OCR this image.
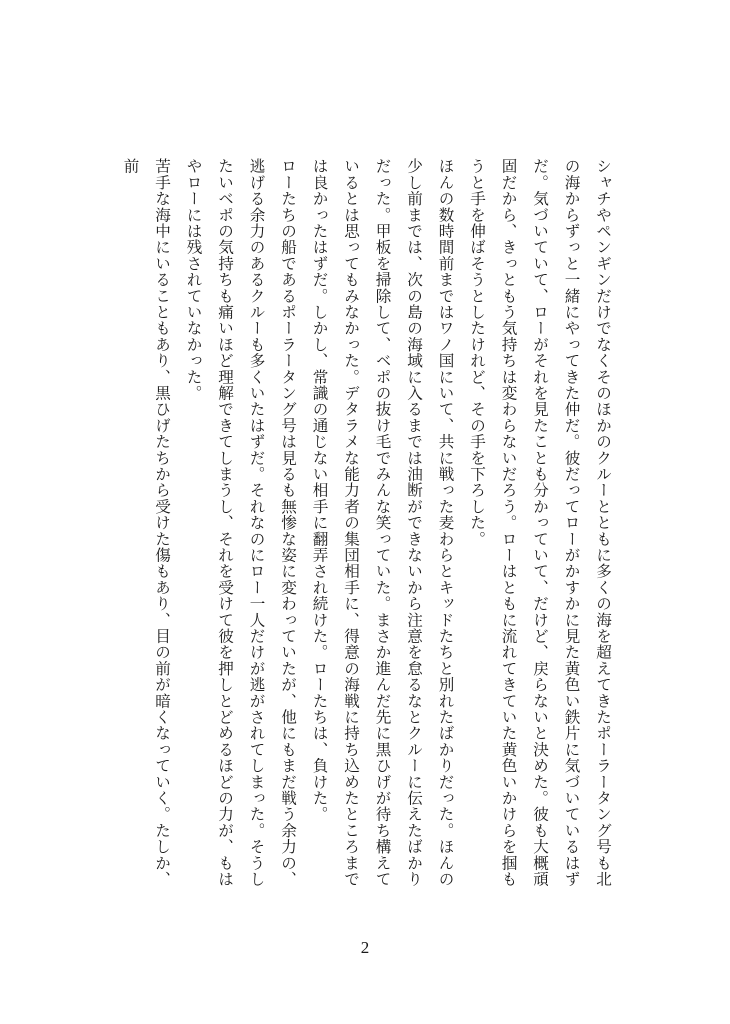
シャチやペンギンだけでなくそのほかのクルーとともに多くの海を超えてきたポーラータング号も北の海からずっと一緒にやってきた仲だ。彼だってローがかすかに見た黄色い鉄片に気づいているはずだ。気づいていて、ローがそれを見たことも分かっていて、だけど、戻らないと決めた。彼も大概頑固だから、きっともう気持ちは変わらないだろう。ローはともに流れてきていた黄色いかけらを掴もうと手を伸ばそうとしたけれど、その手を下ろした。

ほんの数時間前まではワノ国にいて、共に戦った麦わらとキッドたちと別れたばかりだった。ほんの少し前までは、次の島の海域に入るまでは油断ができないから注意を怠るなとクルーに伝えたばかりだった。甲板を掃除して、ベポの抜け毛でみんな笑っていた。まさか進んだ先に黒ひげが待ち構えているとは思ってもみなかった。デタラメな能力者の集団相手に、得意の海戦に持ち込めたところまでは良かったはずだ。しかし、常識の通じない相手に翻弄され続けた。ローたちは、負けた。

ローたちの船であるポーラータング号は見るも無惨な姿に変わっていたが、他にもまだ戦う余力の、逃げる余力のあるクルーも多くいたはずだ。それなのにロー一人だけが逃がされてしまった。そうしたいベポの気持ちも痛いほど理解できてしまうし、それを受けて彼を押しとどめるほどの力が、もはやローには残されていなかった。

苦手な海中にいることもあり、黒ひげたちから受けた傷もあり、目の前が暗くなっていく。たしか、前

2
